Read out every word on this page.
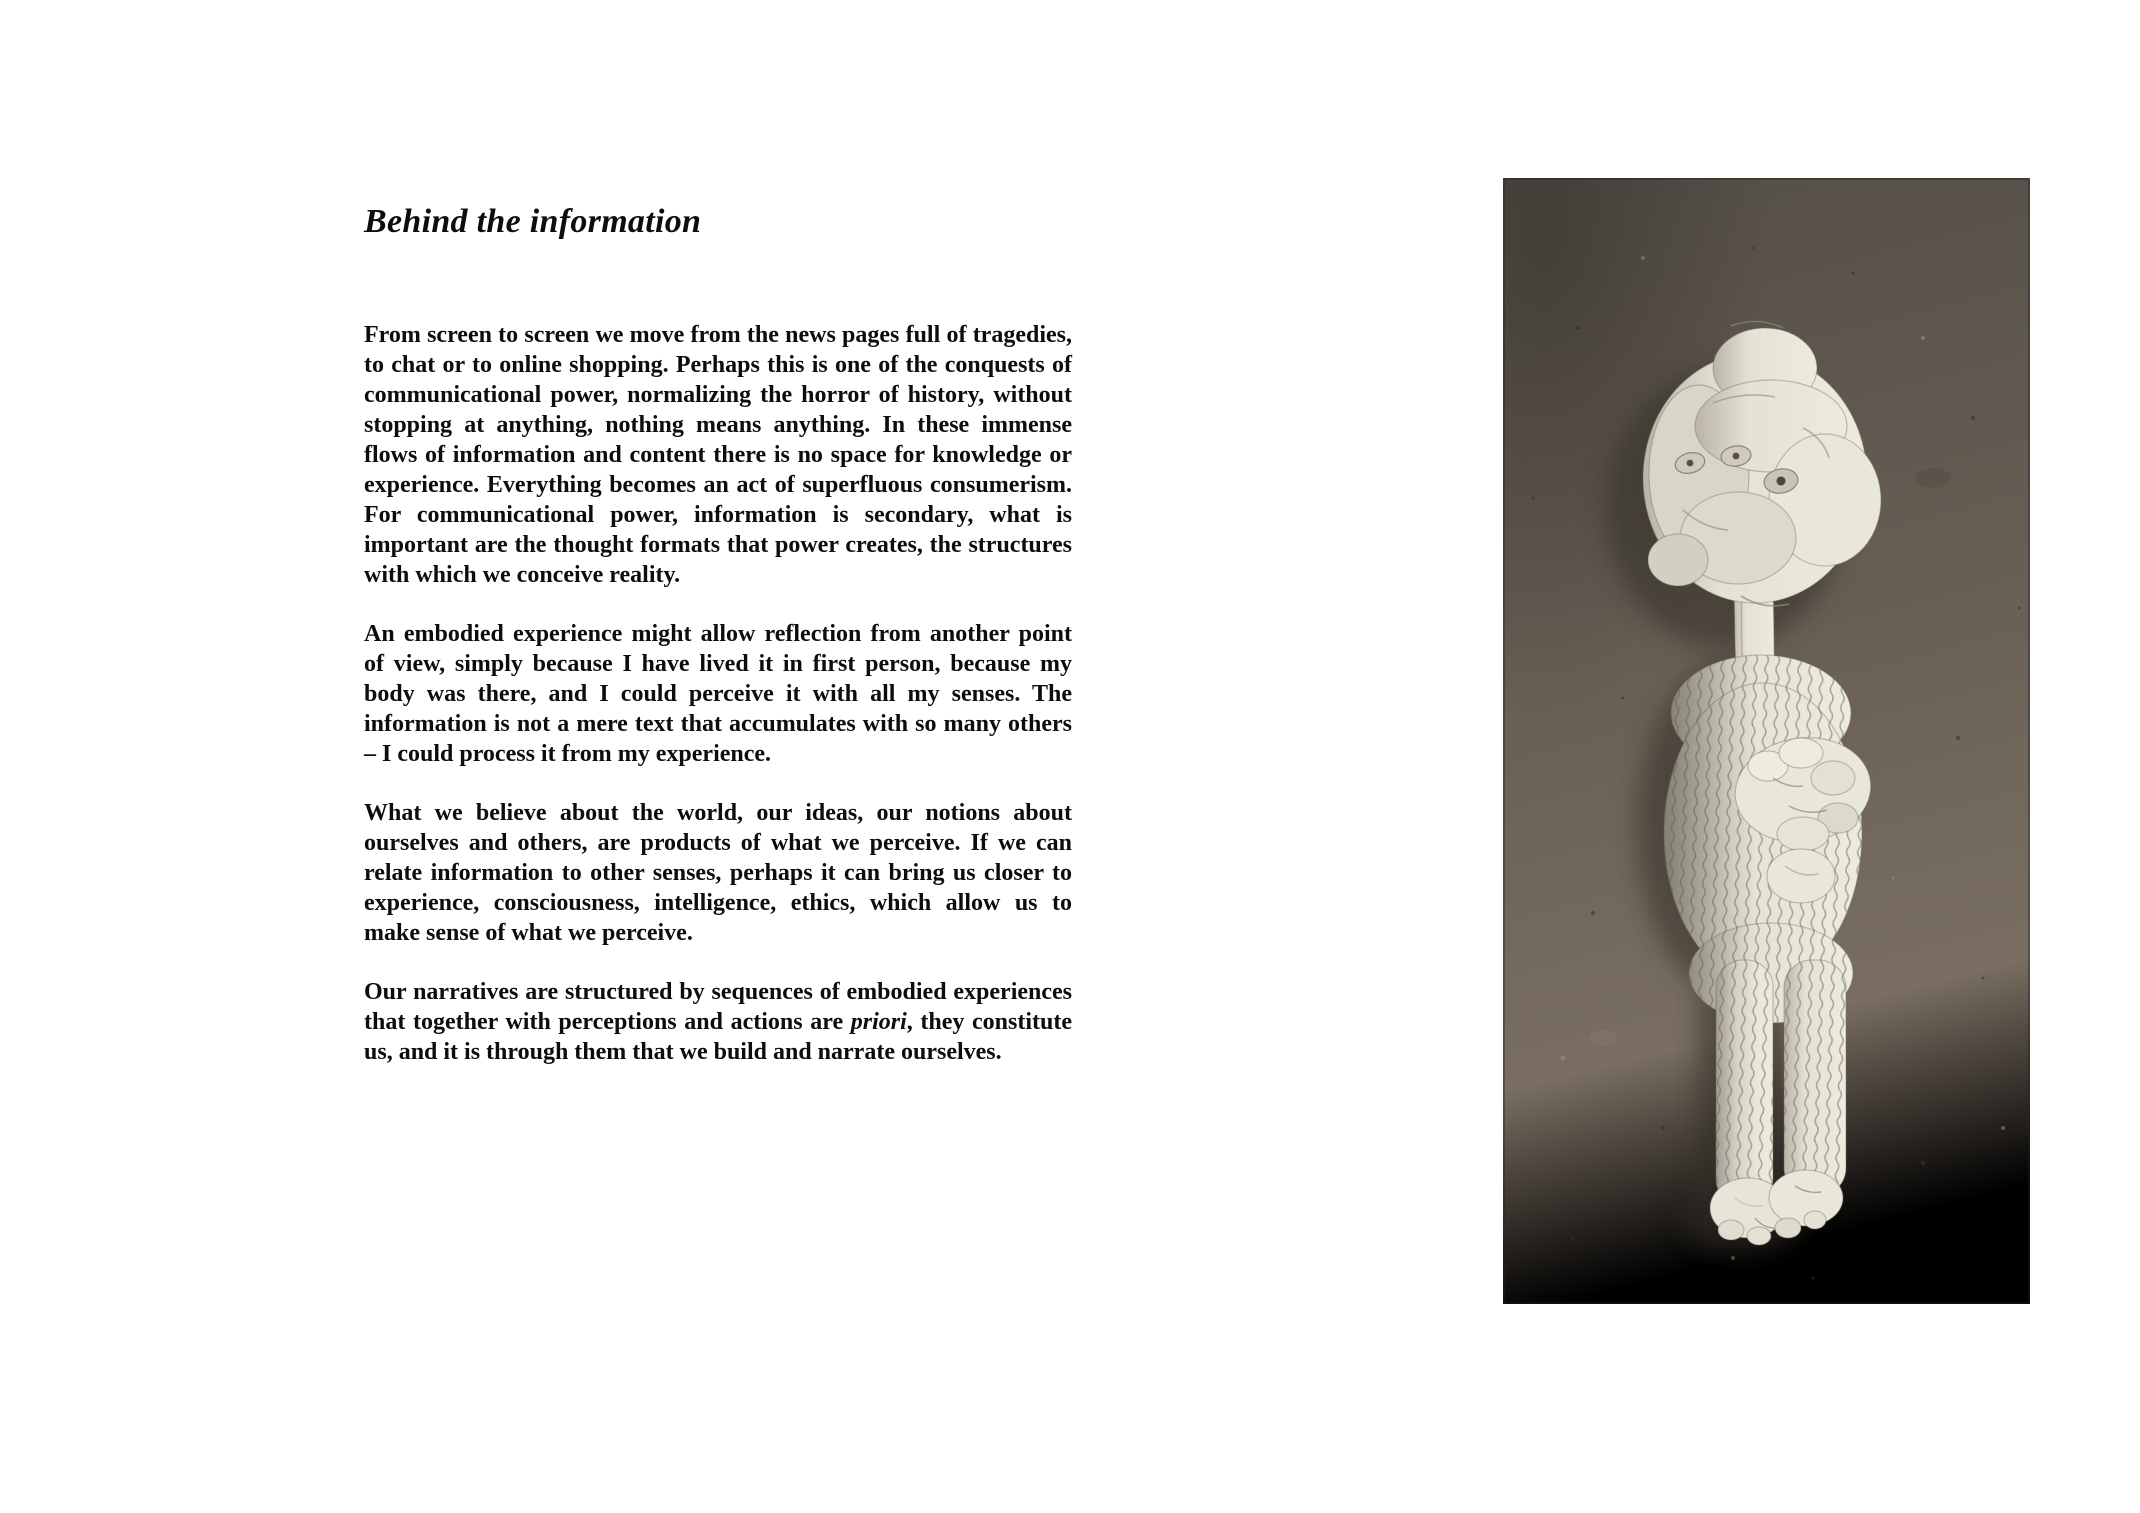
Behind the information

From screen to screen we move from the news pages full of tragedies, to chat or to online shopping. Perhaps this is one of the conquests of communicational power, normalizing the horror of history, without stopping at anything, nothing means anything. In these immense flows of information and content there is no space for knowledge or experience. Everything becomes an act of superfluous consumerism. For communicational power, information is secondary, what is important are the thought formats that power creates, the structures with which we conceive reality.

An embodied experience might allow reflection from another point of view, simply because I have lived it in first person, because my body was there, and I could perceive it with all my senses. The information is not a mere text that accumulates with so many others – I could process it from my experience.

What we believe about the world, our ideas, our notions about ourselves and others, are products of what we perceive. If we can relate information to other senses, perhaps it can bring us closer to experience, consciousness, intelligence, ethics, which allow us to make sense of what we perceive.

Our narratives are structured by sequences of embodied experiences that together with perceptions and actions are priori, they constitute us, and it is through them that we build and narrate ourselves.
